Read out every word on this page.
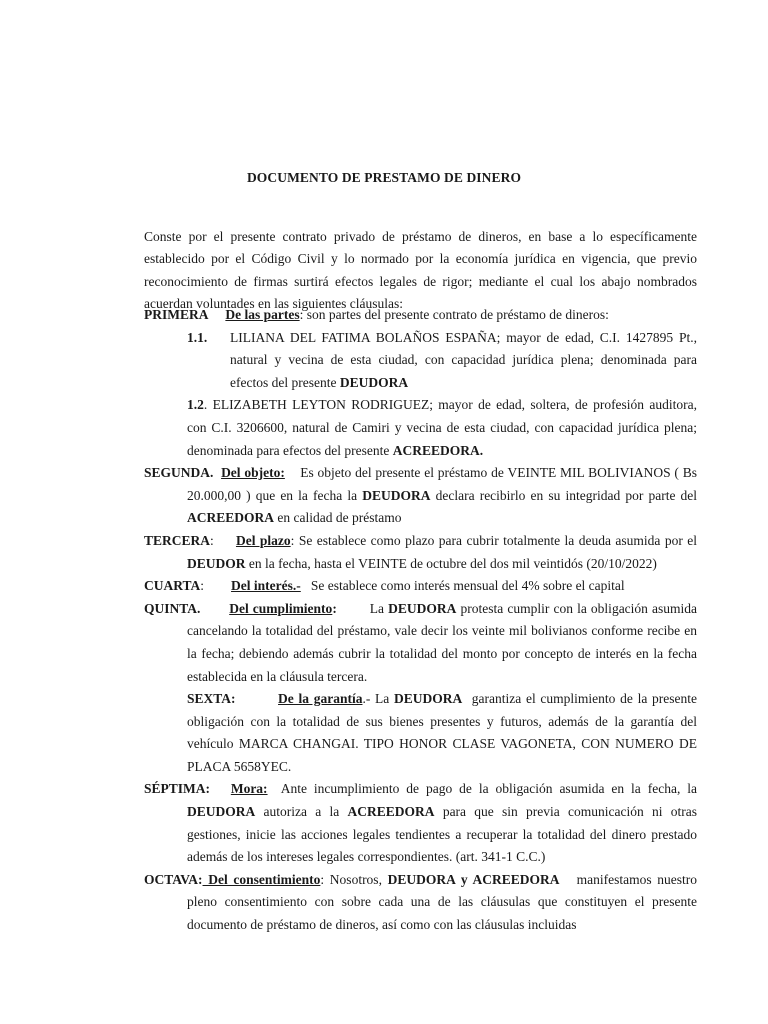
DOCUMENTO DE PRESTAMO DE DINERO

Conste por el presente contrato privado de préstamo de dineros, en base a lo específicamente establecido por el Código Civil y lo normado por la economía jurídica en vigencia, que previo reconocimiento de firmas surtirá efectos legales de rigor; mediante el cual los abajo nombrados acuerdan voluntades en las siguientes cláusulas:

PRIMERA De las partes: son partes del presente contrato de préstamo de dineros:

1.1. LILIANA DEL FATIMA BOLAÑOS ESPAÑA; mayor de edad, C.I. 1427895 Pt., natural y vecina de esta ciudad, con capacidad jurídica plena; denominada para efectos del presente DEUDORA

1.2. ELIZABETH LEYTON RODRIGUEZ; mayor de edad, soltera, de profesión auditora, con C.I. 3206600, natural de Camiri y vecina de esta ciudad, con capacidad jurídica plena; denominada para efectos del presente ACREEDORA.

SEGUNDA. Del objeto: Es objeto del presente el préstamo de VEINTE MIL BOLIVIANOS ( Bs 20.000,00 ) que en la fecha la DEUDORA declara recibirlo en su integridad por parte del ACREEDORA en calidad de préstamo

TERCERA:     Del plazo: Se establece como plazo para cubrir totalmente la deuda asumida por el DEUDOR en la fecha, hasta el VEINTE de octubre del dos mil veintidós (20/10/2022)

CUARTA:        Del interés.- Se establece como interés mensual del 4% sobre el capital

QUINTA. Del cumplimiento: La DEUDORA protesta cumplir con la obligación asumida cancelando la totalidad del préstamo, vale decir los veinte mil bolivianos conforme recibe en la fecha; debiendo además cubrir la totalidad del monto por concepto de interés en la fecha establecida en la cláusula tercera.

SEXTA:	De la garantía.- La DEUDORA garantiza el cumplimiento de la presente obligación con la totalidad de sus bienes presentes y futuros, además de la garantía del vehículo MARCA CHANGAI. TIPO HONOR CLASE VAGONETA, CON NUMERO DE PLACA 5658YEC.

SÉPTIMA: Mora: Ante incumplimiento de pago de la obligación asumida en la fecha, la DEUDORA autoriza a la ACREEDORA para que sin previa comunicación ni otras gestiones, inicie las acciones legales tendientes a recuperar la totalidad del dinero prestado además de los intereses legales correspondientes. (art. 341-1 C.C.)

OCTAVA: Del consentimiento: Nosotros, DEUDORA y ACREEDORA manifestamos nuestro pleno consentimiento con sobre cada una de las cláusulas que constituyen el presente documento de préstamo de dineros, así como con las cláusulas incluidas
